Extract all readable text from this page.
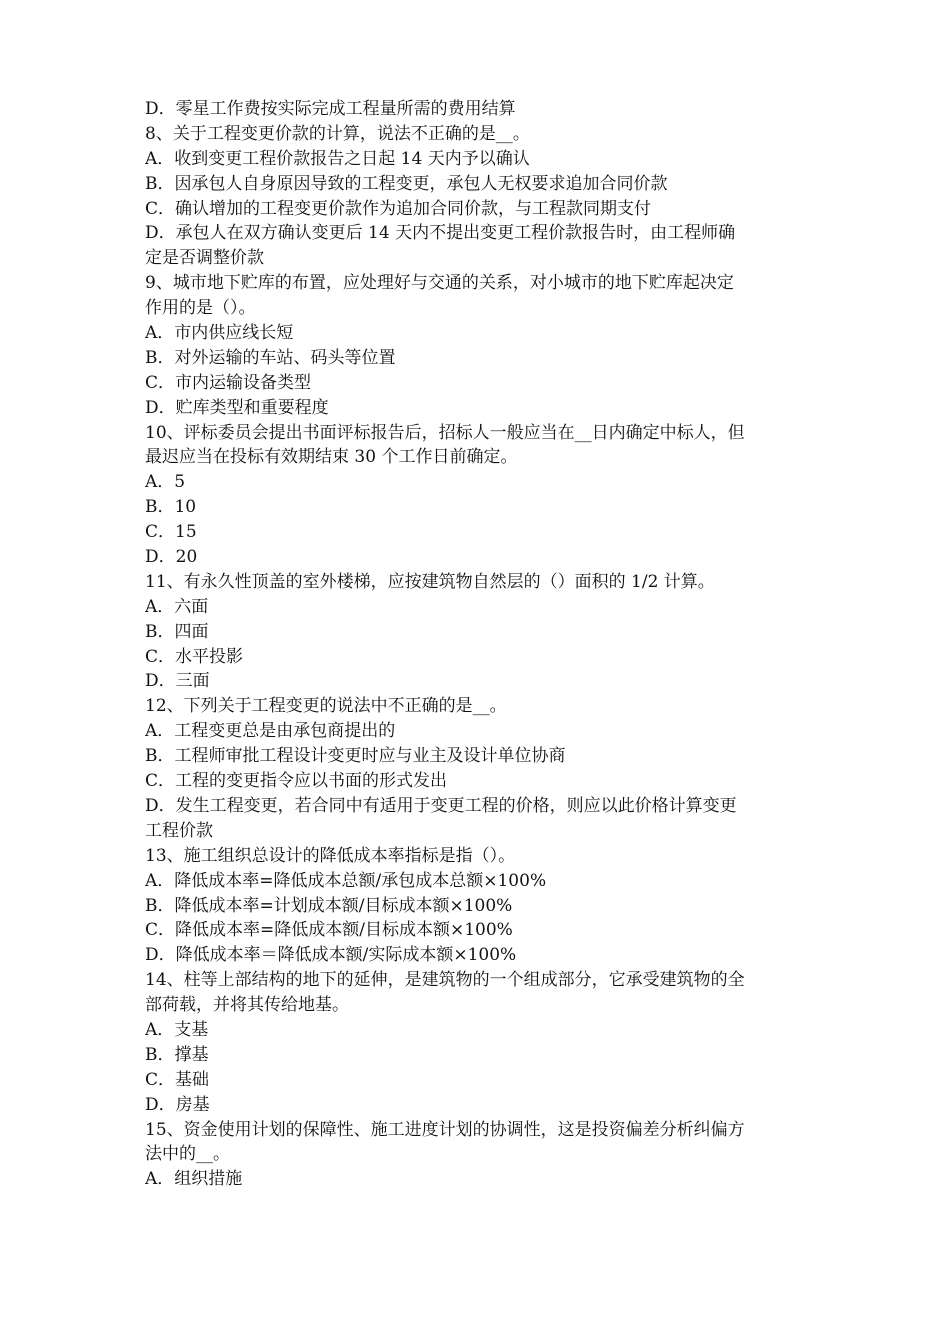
D．零星工作费按实际完成工程量所需的费用结算
8、关于工程变更价款的计算，说法不正确的是__。
A．收到变更工程价款报告之日起 14 天内予以确认
B．因承包人自身原因导致的工程变更，承包人无权要求追加合同价款
C．确认增加的工程变更价款作为追加合同价款，与工程款同期支付
D．承包人在双方确认变更后 14 天内不提出变更工程价款报告时，由工程师确
定是否调整价款
9、城市地下贮库的布置，应处理好与交通的关系，对小城市的地下贮库起决定
作用的是（）。
A．市内供应线长短
B．对外运输的车站、码头等位置
C．市内运输设备类型
D．贮库类型和重要程度
10、评标委员会提出书面评标报告后，招标人一般应当在__日内确定中标人，但
最迟应当在投标有效期结束 30 个工作日前确定。
A．5
B．10
C．15
D．20
11、有永久性顶盖的室外楼梯，应按建筑物自然层的（）面积的 1/2 计算。
A．六面
B．四面
C．水平投影
D．三面
12、下列关于工程变更的说法中不正确的是__。
A．工程变更总是由承包商提出的
B．工程师审批工程设计变更时应与业主及设计单位协商
C．工程的变更指令应以书面的形式发出
D．发生工程变更，若合同中有适用于变更工程的价格，则应以此价格计算变更
工程价款
13、施工组织总设计的降低成本率指标是指（）。
A．降低成本率=降低成本总额/承包成本总额×100%
B．降低成本率=计划成本额/目标成本额×100%
C．降低成本率=降低成本额/目标成本额×100%
D．降低成本率＝降低成本额/实际成本额×100%
14、柱等上部结构的地下的延伸，是建筑物的一个组成部分，它承受建筑物的全
部荷载，并将其传给地基。
A．支基
B．撑基
C．基础
D．房基
15、资金使用计划的保障性、施工进度计划的协调性，这是投资偏差分析纠偏方
法中的__。
A．组织措施
